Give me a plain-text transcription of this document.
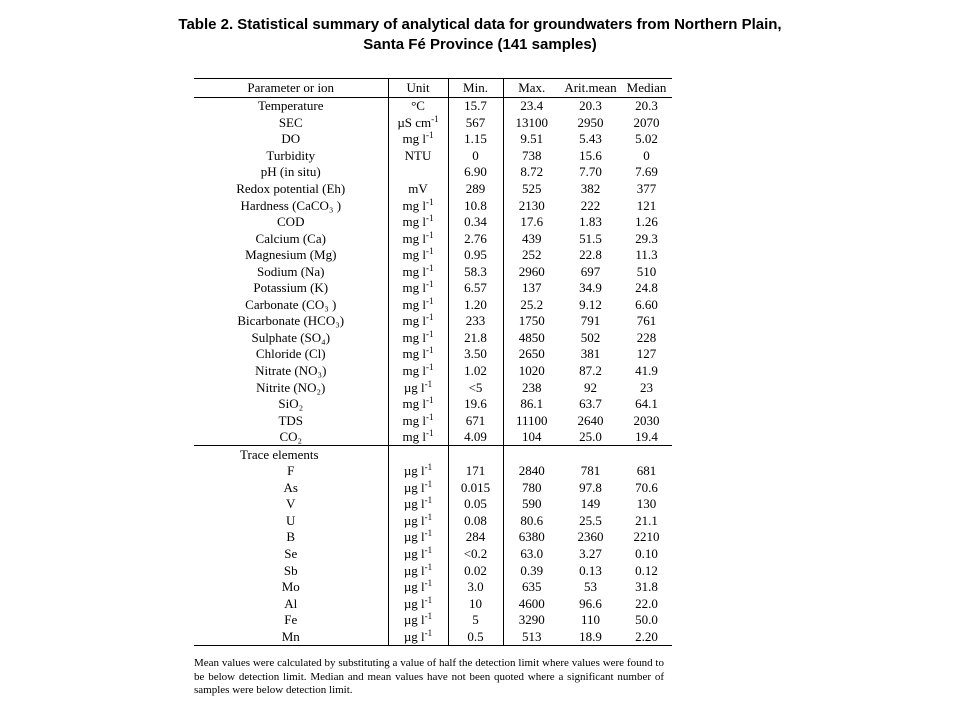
Table 2. Statistical summary of analytical data for groundwaters from Northern Plain,
Santa Fé Province (141 samples)
Parameter or ion	Unit	Min.	Max.	Arit.mean	Median
Temperature	°C	15.7	23.4	20.3	20.3
SEC	µS $cm^{-1}$	567	13100	2950	2070
DO	mg $l^{-1}$	1.15	9.51	5.43	5.02
Turbidity	NTU	0	738	15.6	0
pH (in situ)		6.90	8.72	7.70	7.69
Redox potential (Eh)	mV	289	525	382	377
Hardness (CaCO₃ )	mg $l^{-1}$	10.8	2130	222	121
COD	mg $l^{-1}$	0.34	17.6	1.83	1.26
Calcium (Ca)	mg $l^{-1}$	2.76	439	51.5	29.3
Magnesium (Mg)	mg $l^{-1}$	0.95	252	22.8	11.3
Sodium (Na)	mg $l^{-1}$	58.3	2960	697	510
Potassium (K)	mg $l^{-1}$	6.57	137	34.9	24.8
Carbonate (CO₃ )	mg $l^{-1}$	1.20	25.2	9.12	6.60
Bicarbonate (HCO₃)	mg $l^{-1}$	233	1750	791	761
Sulphate (SO₄)	mg $l^{-1}$	21.8	4850	502	228
Chloride (Cl)	mg $l^{-1}$	3.50	2650	381	127
Nitrate (NO₃)	mg $l^{-1}$	1.02	1020	87.2	41.9
Nitrite (NO₂)	µg $l^{-1}$	<5	238	92	23
SiO₂	mg $l^{-1}$	19.6	86.1	63.7	64.1
TDS	mg $l^{-1}$	671	11100	2640	2030
CO₂	mg $l^{-1}$	4.09	104	25.0	19.4
Trace elements					
F	µg $l^{-1}$	171	2840	781	681
As	µg $l^{-1}$	0.015	780	97.8	70.6
V	µg $l^{-1}$	0.05	590	149	130
U	µg $l^{-1}$	0.08	80.6	25.5	21.1
B	µg $l^{-1}$	284	6380	2360	2210
Se	µg $l^{-1}$	<0.2	63.0	3.27	0.10
Sb	µg $l^{-1}$	0.02	0.39	0.13	0.12
Mo	µg $l^{-1}$	3.0	635	53	31.8
Al	µg $l^{-1}$	10	4600	96.6	22.0
Fe	µg $l^{-1}$	5	3290	110	50.0
Mn	µg $l^{-1}$	0.5	513	18.9	2.20
Mean values were calculated by substituting a value of half the detection limit where values were found to be below detection limit. Median and mean values have not been quoted where a significant number of samples were below detection limit.
